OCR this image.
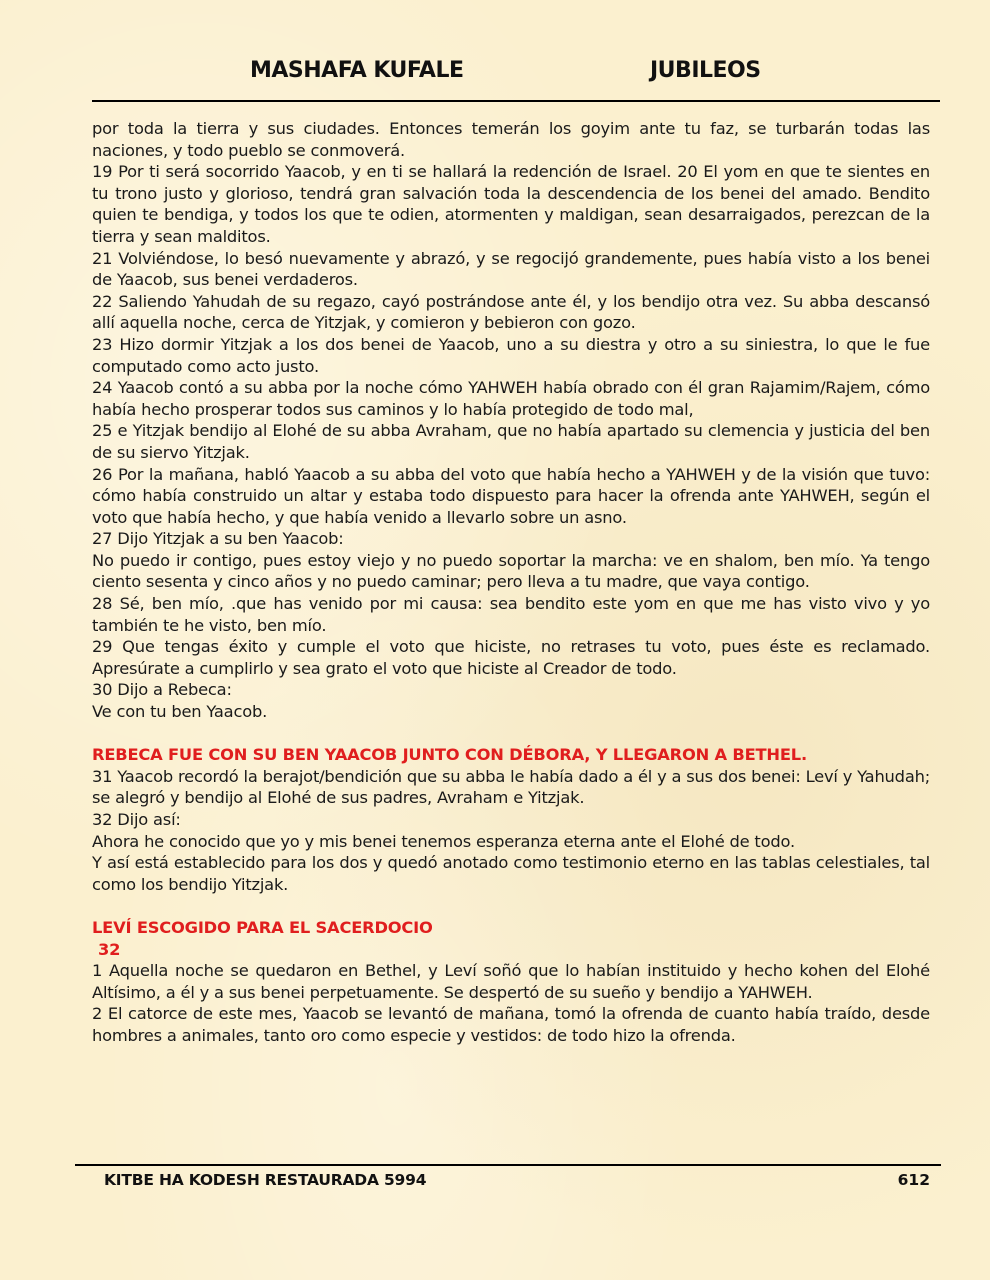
MASHAFA KUFALE	JUBILEOS

por toda la tierra y sus ciudades. Entonces temerán los goyim ante tu faz, se turbarán todas las naciones, y todo pueblo se conmoverá.

19 Por ti será socorrido Yaacob, y en ti se hallará la redención de Israel. 20 El yom en que te sientes en tu trono justo y glorioso, tendrá gran salvación toda la descendencia de los benei del amado. Bendito quien te bendiga, y todos los que te odien, atormenten y maldigan, sean desarraigados, perezcan de la tierra y sean malditos.

21 Volviéndose, lo besó nuevamente y abrazó, y se regocijó grandemente, pues había visto a los benei de Yaacob, sus benei verdaderos.

22 Saliendo Yahudah de su regazo, cayó postrándose ante él, y los bendijo otra vez. Su abba descansó allí aquella noche, cerca de Yitzjak, y comieron y bebieron con gozo.

23 Hizo dormir Yitzjak a los dos benei de Yaacob, uno a su diestra y otro a su siniestra, lo que le fue computado como acto justo.

24 Yaacob contó a su abba por la noche cómo YAHWEH había obrado con él gran Rajamim/Rajem, cómo había hecho prosperar todos sus caminos y lo había protegido de todo mal,

25 e Yitzjak bendijo al Elohé de su abba Avraham, que no había apartado su clemencia y justicia del ben de su siervo Yitzjak.

26 Por la mañana, habló Yaacob a su abba del voto que había hecho a YAHWEH y de la visión que tuvo: cómo había construido un altar y estaba todo dispuesto para hacer la ofrenda ante YAHWEH, según el voto que había hecho, y que había venido a llevarlo sobre un asno.

27 Dijo Yitzjak a su ben Yaacob:

No puedo ir contigo, pues estoy viejo y no puedo soportar la marcha: ve en shalom, ben mío. Ya tengo ciento sesenta y cinco años y no puedo caminar; pero lleva a tu madre, que vaya contigo.

28 Sé, ben mío, .que has venido por mi causa: sea bendito este yom en que me has visto vivo y yo también te he visto, ben mío.

29 Que tengas éxito y cumple el voto que hiciste, no retrases tu voto, pues éste es reclamado. Apresúrate a cumplirlo y sea grato el voto que hiciste al Creador de todo.

30 Dijo a Rebeca:

Ve con tu ben Yaacob.

REBECA FUE CON SU BEN YAACOB JUNTO CON DÉBORA, Y LLEGARON A BETHEL.

31 Yaacob recordó la berajot/bendición que su abba le había dado a él y a sus dos benei: Leví y Yahudah; se alegró y bendijo al Elohé de sus padres, Avraham e Yitzjak.

32 Dijo así:

Ahora he conocido que yo y mis benei tenemos esperanza eterna ante el Elohé de todo.

Y así está establecido para los dos y quedó anotado como testimonio eterno en las tablas celestiales, tal como los bendijo Yitzjak.

LEVÍ ESCOGIDO PARA EL SACERDOCIO

32

1 Aquella noche se quedaron en Bethel, y Leví soñó que lo habían instituido y hecho kohen del Elohé Altísimo, a él y a sus benei perpetuamente. Se despertó de su sueño y bendijo a YAHWEH.

2 El catorce de este mes, Yaacob se levantó de mañana, tomó la ofrenda de cuanto había traído, desde hombres a animales, tanto oro como especie y vestidos: de todo hizo la ofrenda.

KITBE HA KODESH RESTAURADA 5994	612
